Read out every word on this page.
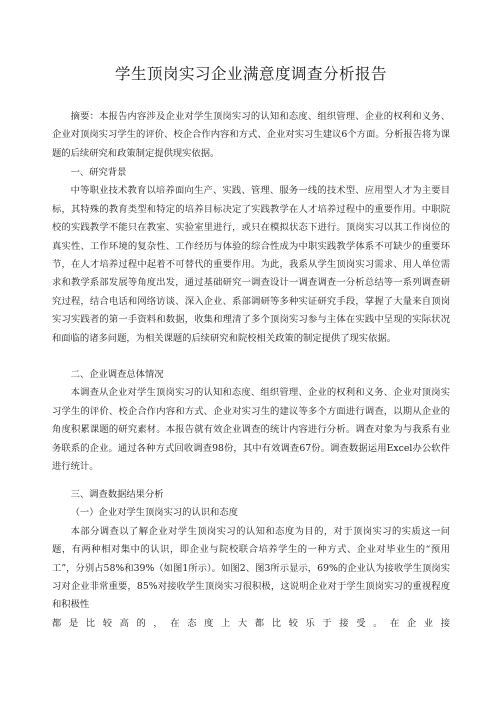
学生顶岗实习企业满意度调查分析报告

摘要：本报告内容涉及企业对学生顶岗实习的认知和态度、组织管理、企业的权利和义务、企业对顶岗实习学生的评价、校企合作内容和方式、企业对实习生建议6个方面。分析报告将为课题的后续研究和政策制定提供现实依据。

一、研究背景

中等职业技术教育以培养面向生产、实践、管理、服务一线的技术型、应用型人才为主要目标，其特殊的教育类型和特定的培养目标决定了实践教学在人才培养过程中的重要作用。中职院校的实践教学不能只在教室、实验室里进行，或只在模拟状态下进行。顶岗实习以其工作岗位的真实性、工作环境的复杂性、工作经历与体验的综合性成为中职实践教学体系不可缺少的重要环节，在人才培养过程中起着不可替代的重要作用。为此，我系从学生顶岗实习需求、用人单位需求和教学系部发展等角度出发，通过基础研究一调查设计一调查调查一分析总结等一系列调查研究过程，结合电话和网络访谈、深入企业、系部调研等多种实证研究手段，掌握了大量来自顶岗实习实践者的第一手资料和数据，收集和理清了多个顶岗实习参与主体在实践中呈现的实际状况和面临的诸多问题，为相关课题的后续研究和院校相关政策的制定提供了现实依据。

二、企业调查总体情况

本调查从企业对学生顶岗实习的认知和态度、组织管理、企业的权利和义务、企业对顶岗实习学生的评价、校企合作内容和方式、企业对实习生的建议等多个方面进行调查，以期从企业的角度积累课题的研究素材。本报告就有效企业调查的统计内容进行分析。调查对象为与我系有业务联系的企业。通过各种方式回收调查98份，其中有效调查67份。调查数据运用Excel办公软件进行统计。

三、调查数据结果分析

（一）企业对学生顶岗实习的认识和态度

本部分调查以了解企业对学生顶岗实习的认知和态度为目的，对于顶岗实习的实质这一问题，有两种相对集中的认识，即企业与院校联合培养学生的一种方式、企业对毕业生的“预用工”，分别占58%和39%（如图1所示）。如图2、图3所示显示，69%的企业认为接收学生顶岗实习对企业非常重要，85%对接收学生顶岗实习很积极，这说明企业对于学生顶岗实习的重视程度和积极性

都是比较高的，在态度上大都比较乐于接受。在企业接
